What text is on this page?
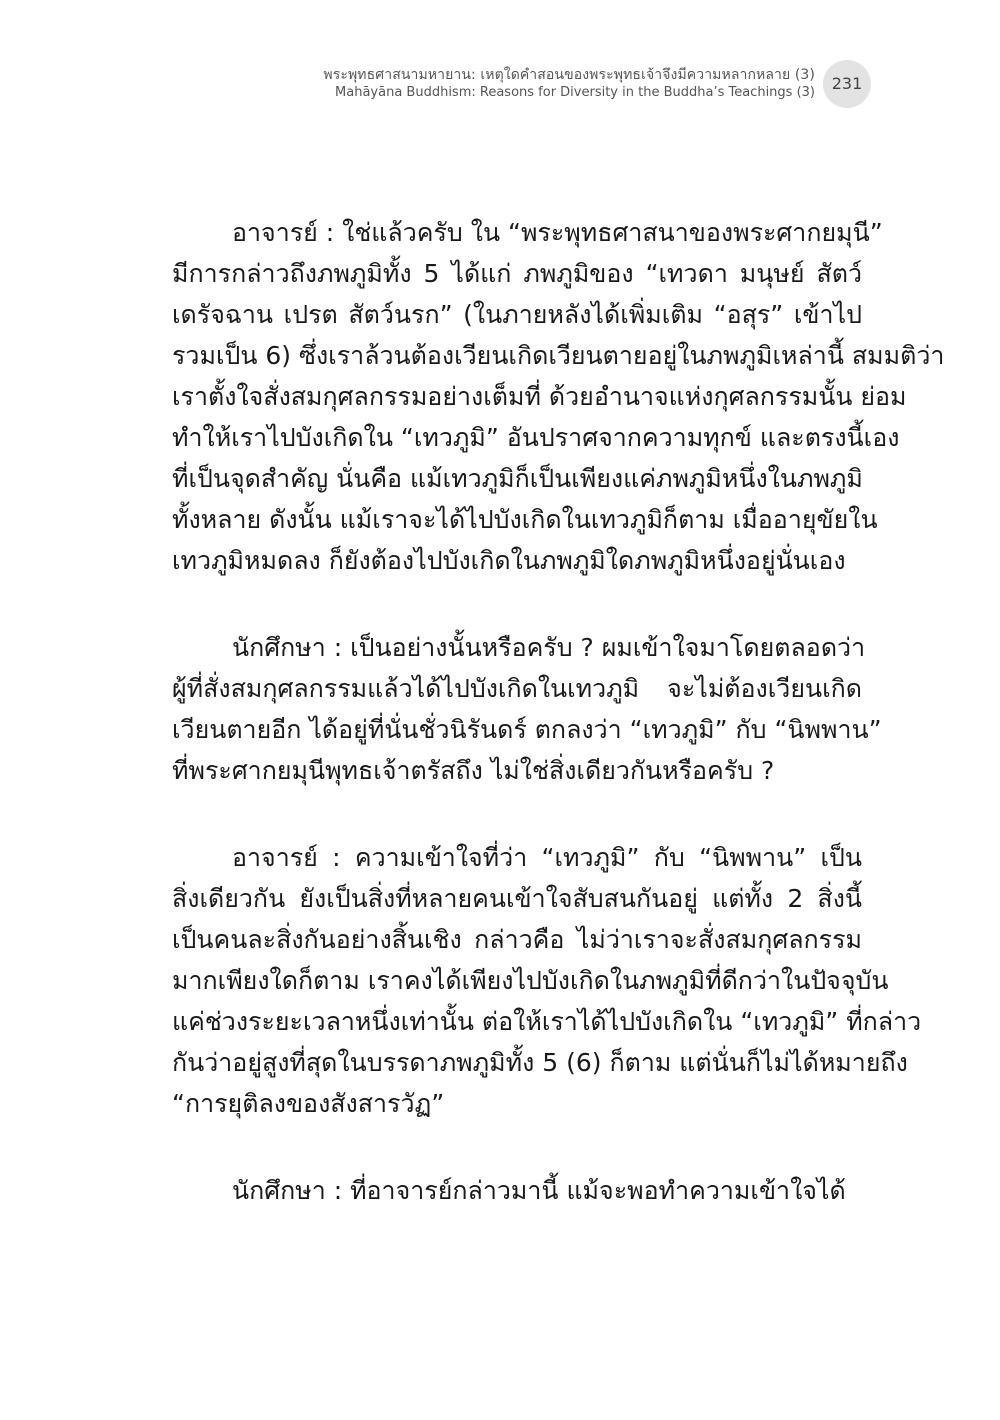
พระพุทธศาสนามหายาน: เหตุใดคำสอนของพระพุทธเจ้าจึงมีความหลากหลาย (3)
Mahāyāna Buddhism: Reasons for Diversity in the Buddha’s Teachings (3)	231
อาจารย์ : ใช่แล้วครับ ใน “พระพุทธศาสนาของพระศากยมุนี”
มีการกล่าวถึงภพภูมิทั้ง 5 ได้แก่ ภพภูมิของ “เทวดา มนุษย์ สัตว์
เดรัจฉาน เปรต สัตว์นรก” (ในภายหลังได้เพิ่มเติม “อสุร” เข้าไป
รวมเป็น 6) ซึ่งเราล้วนต้องเวียนเกิดเวียนตายอยู่ในภพภูมิเหล่านี้ สมมติว่า
เราตั้งใจสั่งสมกุศลกรรมอย่างเต็มที่ ด้วยอำนาจแห่งกุศลกรรมนั้น ย่อม
ทำให้เราไปบังเกิดใน “เทวภูมิ” อันปราศจากความทุกข์ และตรงนี้เอง
ที่เป็นจุดสำคัญ นั่นคือ แม้เทวภูมิก็เป็นเพียงแค่ภพภูมิหนึ่งในภพภูมิ
ทั้งหลาย ดังนั้น แม้เราจะได้ไปบังเกิดในเทวภูมิก็ตาม เมื่ออายุขัยใน
เทวภูมิหมดลง ก็ยังต้องไปบังเกิดในภพภูมิใดภพภูมิหนึ่งอยู่นั่นเอง
นักศึกษา : เป็นอย่างนั้นหรือครับ ? ผมเข้าใจมาโดยตลอดว่า
ผู้ที่สั่งสมกุศลกรรมแล้วได้ไปบังเกิดในเทวภูมิ จะไม่ต้องเวียนเกิด
เวียนตายอีก ได้อยู่ที่นั่นชั่วนิรันดร์ ตกลงว่า “เทวภูมิ” กับ “นิพพาน”
ที่พระศากยมุนีพุทธเจ้าตรัสถึง ไม่ใช่สิ่งเดียวกันหรือครับ ?
อาจารย์ : ความเข้าใจที่ว่า “เทวภูมิ” กับ “นิพพาน” เป็น
สิ่งเดียวกัน ยังเป็นสิ่งที่หลายคนเข้าใจสับสนกันอยู่ แต่ทั้ง 2 สิ่งนี้
เป็นคนละสิ่งกันอย่างสิ้นเชิง กล่าวคือ ไม่ว่าเราจะสั่งสมกุศลกรรม
มากเพียงใดก็ตาม เราคงได้เพียงไปบังเกิดในภพภูมิที่ดีกว่าในปัจจุบัน
แค่ช่วงระยะเวลาหนึ่งเท่านั้น ต่อให้เราได้ไปบังเกิดใน “เทวภูมิ” ที่กล่าว
กันว่าอยู่สูงที่สุดในบรรดาภพภูมิทั้ง 5 (6) ก็ตาม แต่นั่นก็ไม่ได้หมายถึง
“การยุติลงของสังสารวัฏ”
นักศึกษา : ที่อาจารย์กล่าวมานี้ แม้จะพอทำความเข้าใจได้
